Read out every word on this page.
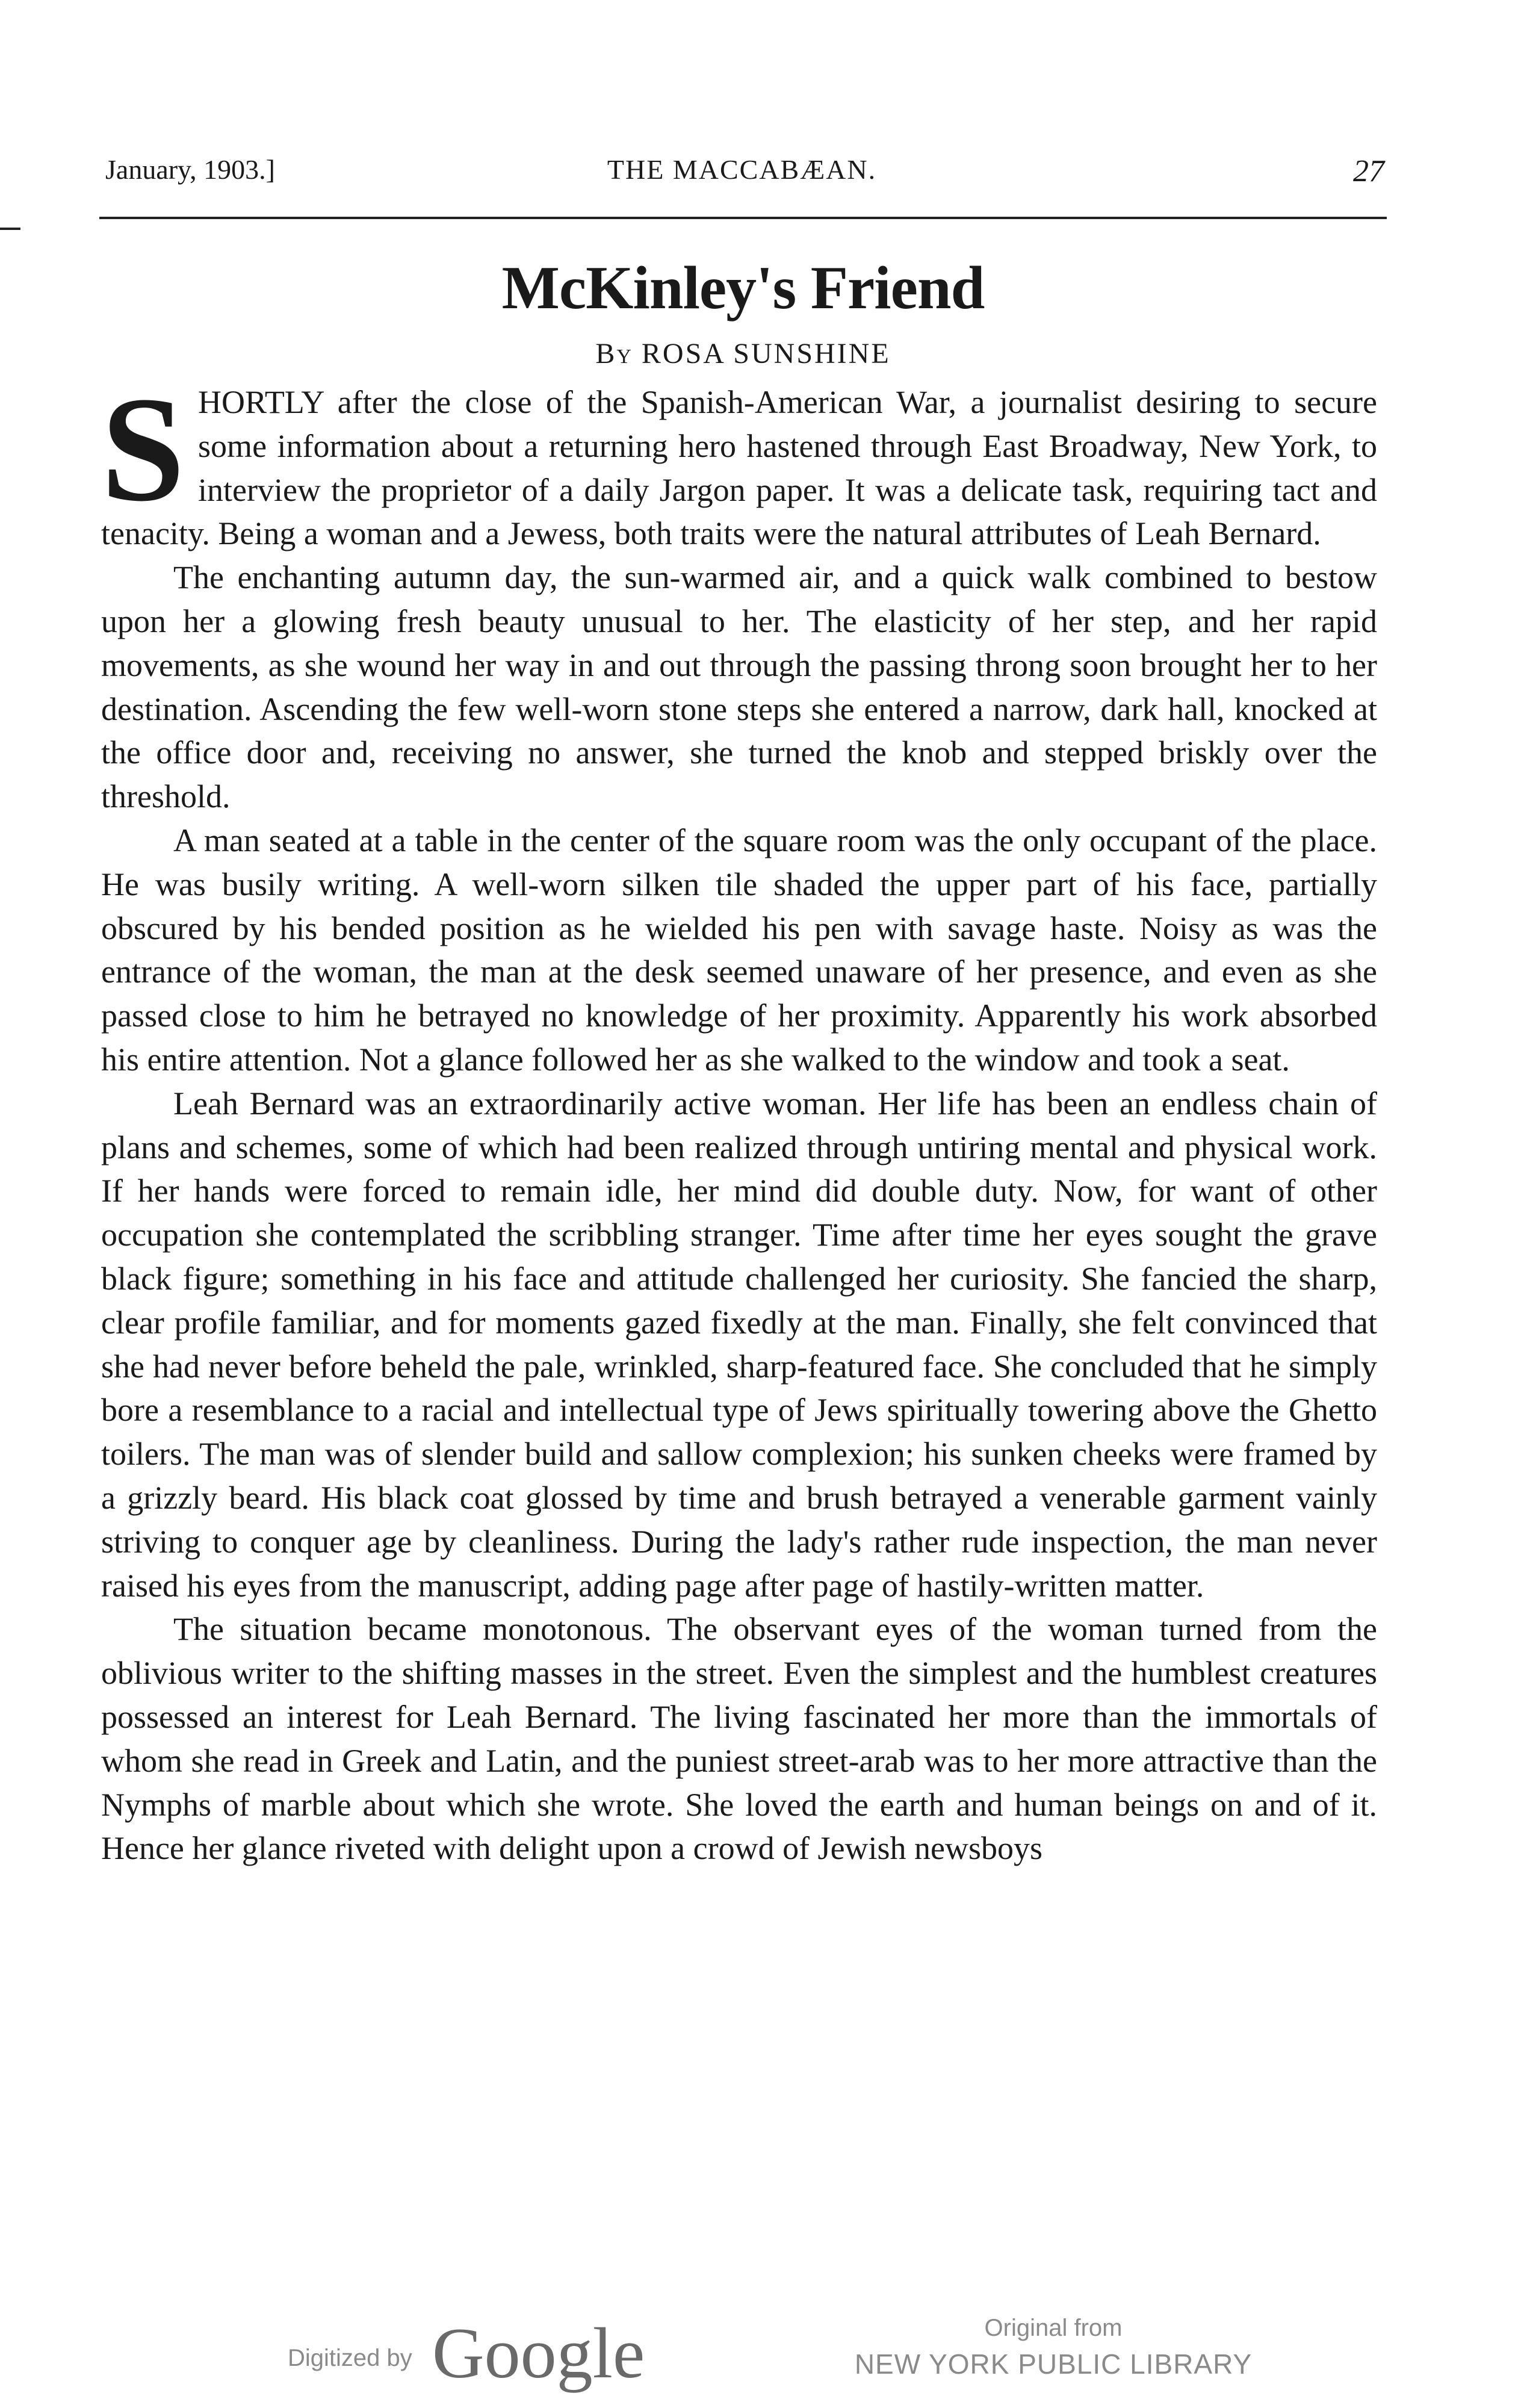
January, 1903.]	THE MACCABÆAN.	27
McKinley's Friend
By ROSA SUNSHINE

SHORTLY after the close of the Spanish-American War, a journalist desiring to secure some information about a returning hero hastened through East Broadway, New York, to interview the proprietor of a daily Jargon paper. It was a delicate task, requiring tact and tenacity. Being a woman and a Jewess, both traits were the natural attributes of Leah Bernard.

The enchanting autumn day, the sun-warmed air, and a quick walk combined to bestow upon her a glowing fresh beauty unusual to her. The elasticity of her step, and her rapid movements, as she wound her way in and out through the passing throng soon brought her to her destination. Ascending the few well-worn stone steps she entered a narrow, dark hall, knocked at the office door and, receiving no answer, she turned the knob and stepped briskly over the threshold.

A man seated at a table in the center of the square room was the only occupant of the place. He was busily writing. A well-worn silken tile shaded the upper part of his face, partially obscured by his bended position as he wielded his pen with savage haste. Noisy as was the entrance of the woman, the man at the desk seemed unaware of her presence, and even as she passed close to him he betrayed no knowledge of her proximity. Apparently his work absorbed his entire attention. Not a glance followed her as she walked to the window and took a seat.

Leah Bernard was an extraordinarily active woman. Her life has been an endless chain of plans and schemes, some of which had been realized through untiring mental and physical work. If her hands were forced to remain idle, her mind did double duty. Now, for want of other occupation she contemplated the scribbling stranger. Time after time her eyes sought the grave black figure; something in his face and attitude challenged her curiosity. She fancied the sharp, clear profile familiar, and for moments gazed fixedly at the man. Finally, she felt convinced that she had never before beheld the pale, wrinkled, sharp-featured face. She concluded that he simply bore a resemblance to a racial and intellectual type of Jews spiritually towering above the Ghetto toilers. The man was of slender build and sallow complexion; his sunken cheeks were framed by a grizzly beard. His black coat glossed by time and brush betrayed a venerable garment vainly striving to conquer age by cleanliness. During the lady's rather rude inspection, the man never raised his eyes from the manuscript, adding page after page of hastily-written matter.

The situation became monotonous. The observant eyes of the woman turned from the oblivious writer to the shifting masses in the street. Even the simplest and the humblest creatures possessed an interest for Leah Bernard. The living fascinated her more than the immortals of whom she read in Greek and Latin, and the puniest street-arab was to her more attractive than the Nymphs of marble about which she wrote. She loved the earth and human beings on and of it. Hence her glance riveted with delight upon a crowd of Jewish newsboys

Digitized by Google	Original from
NEW YORK PUBLIC LIBRARY
